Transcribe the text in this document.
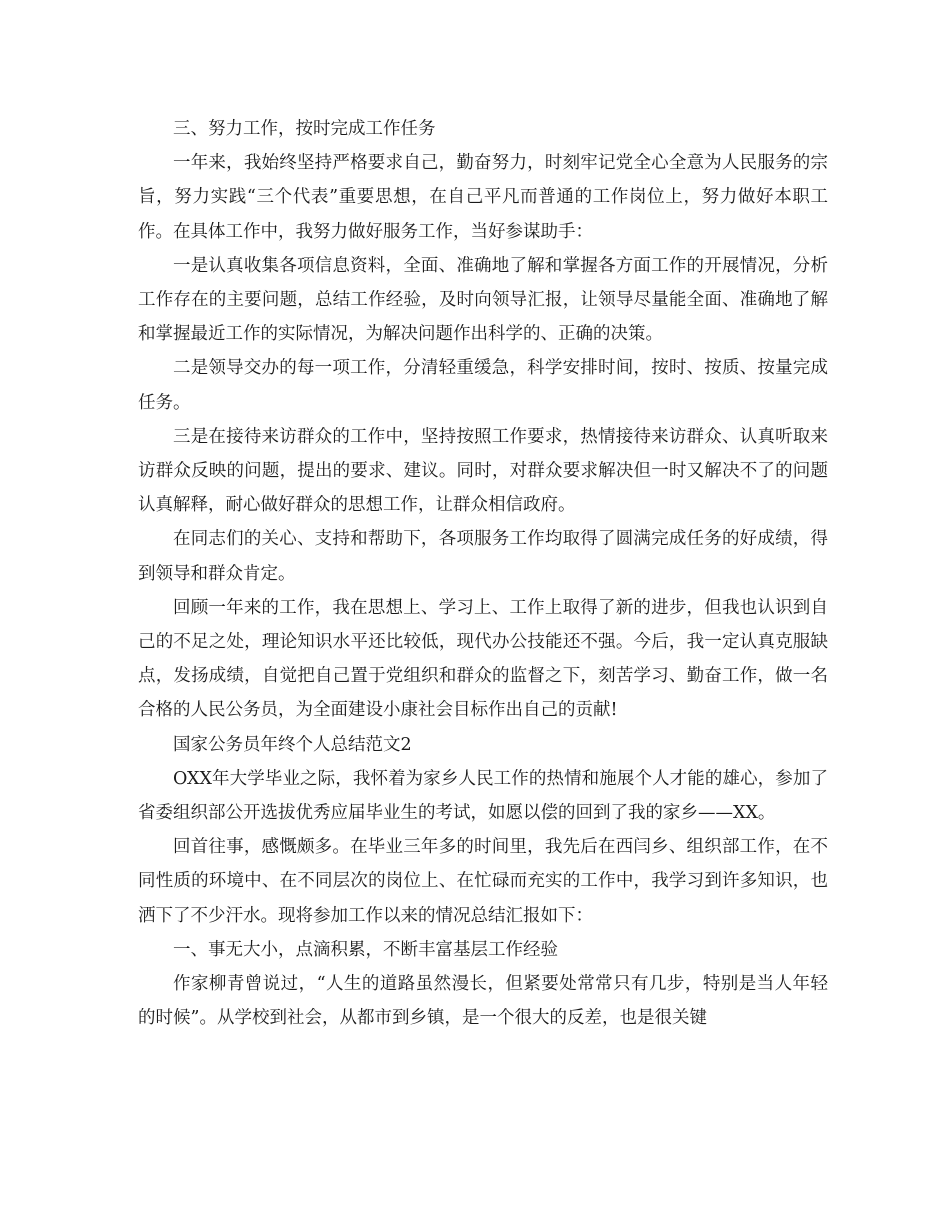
三、努力工作，按时完成工作任务

一年来，我始终坚持严格要求自己，勤奋努力，时刻牢记党全心全意为人民服务的宗旨，努力实践“三个代表”重要思想，在自己平凡而普通的工作岗位上，努力做好本职工作。在具体工作中，我努力做好服务工作，当好参谋助手：

一是认真收集各项信息资料，全面、准确地了解和掌握各方面工作的开展情况，分析工作存在的主要问题，总结工作经验，及时向领导汇报，让领导尽量能全面、准确地了解和掌握最近工作的实际情况，为解决问题作出科学的、正确的决策。

二是领导交办的每一项工作，分清轻重缓急，科学安排时间，按时、按质、按量完成任务。

三是在接待来访群众的工作中，坚持按照工作要求，热情接待来访群众、认真听取来访群众反映的问题，提出的要求、建议。同时，对群众要求解决但一时又解决不了的问题认真解释，耐心做好群众的思想工作，让群众相信政府。

在同志们的关心、支持和帮助下，各项服务工作均取得了圆满完成任务的好成绩，得到领导和群众肯定。

回顾一年来的工作，我在思想上、学习上、工作上取得了新的进步，但我也认识到自己的不足之处，理论知识水平还比较低，现代办公技能还不强。今后，我一定认真克服缺点，发扬成绩，自觉把自己置于党组织和群众的监督之下，刻苦学习、勤奋工作，做一名合格的人民公务员，为全面建设小康社会目标作出自己的贡献!

国家公务员年终个人总结范文2

OXX年大学毕业之际，我怀着为家乡人民工作的热情和施展个人才能的雄心，参加了省委组织部公开选拔优秀应届毕业生的考试，如愿以偿的回到了我的家乡——XX。

回首往事，感慨颇多。在毕业三年多的时间里，我先后在西闫乡、组织部工作，在不同性质的环境中、在不同层次的岗位上、在忙碌而充实的工作中，我学习到许多知识，也洒下了不少汗水。现将参加工作以来的情况总结汇报如下：

一、事无大小，点滴积累，不断丰富基层工作经验

作家柳青曾说过，“人生的道路虽然漫长，但紧要处常常只有几步，特别是当人年轻的时候”。从学校到社会，从都市到乡镇，是一个很大的反差，也是很关键
